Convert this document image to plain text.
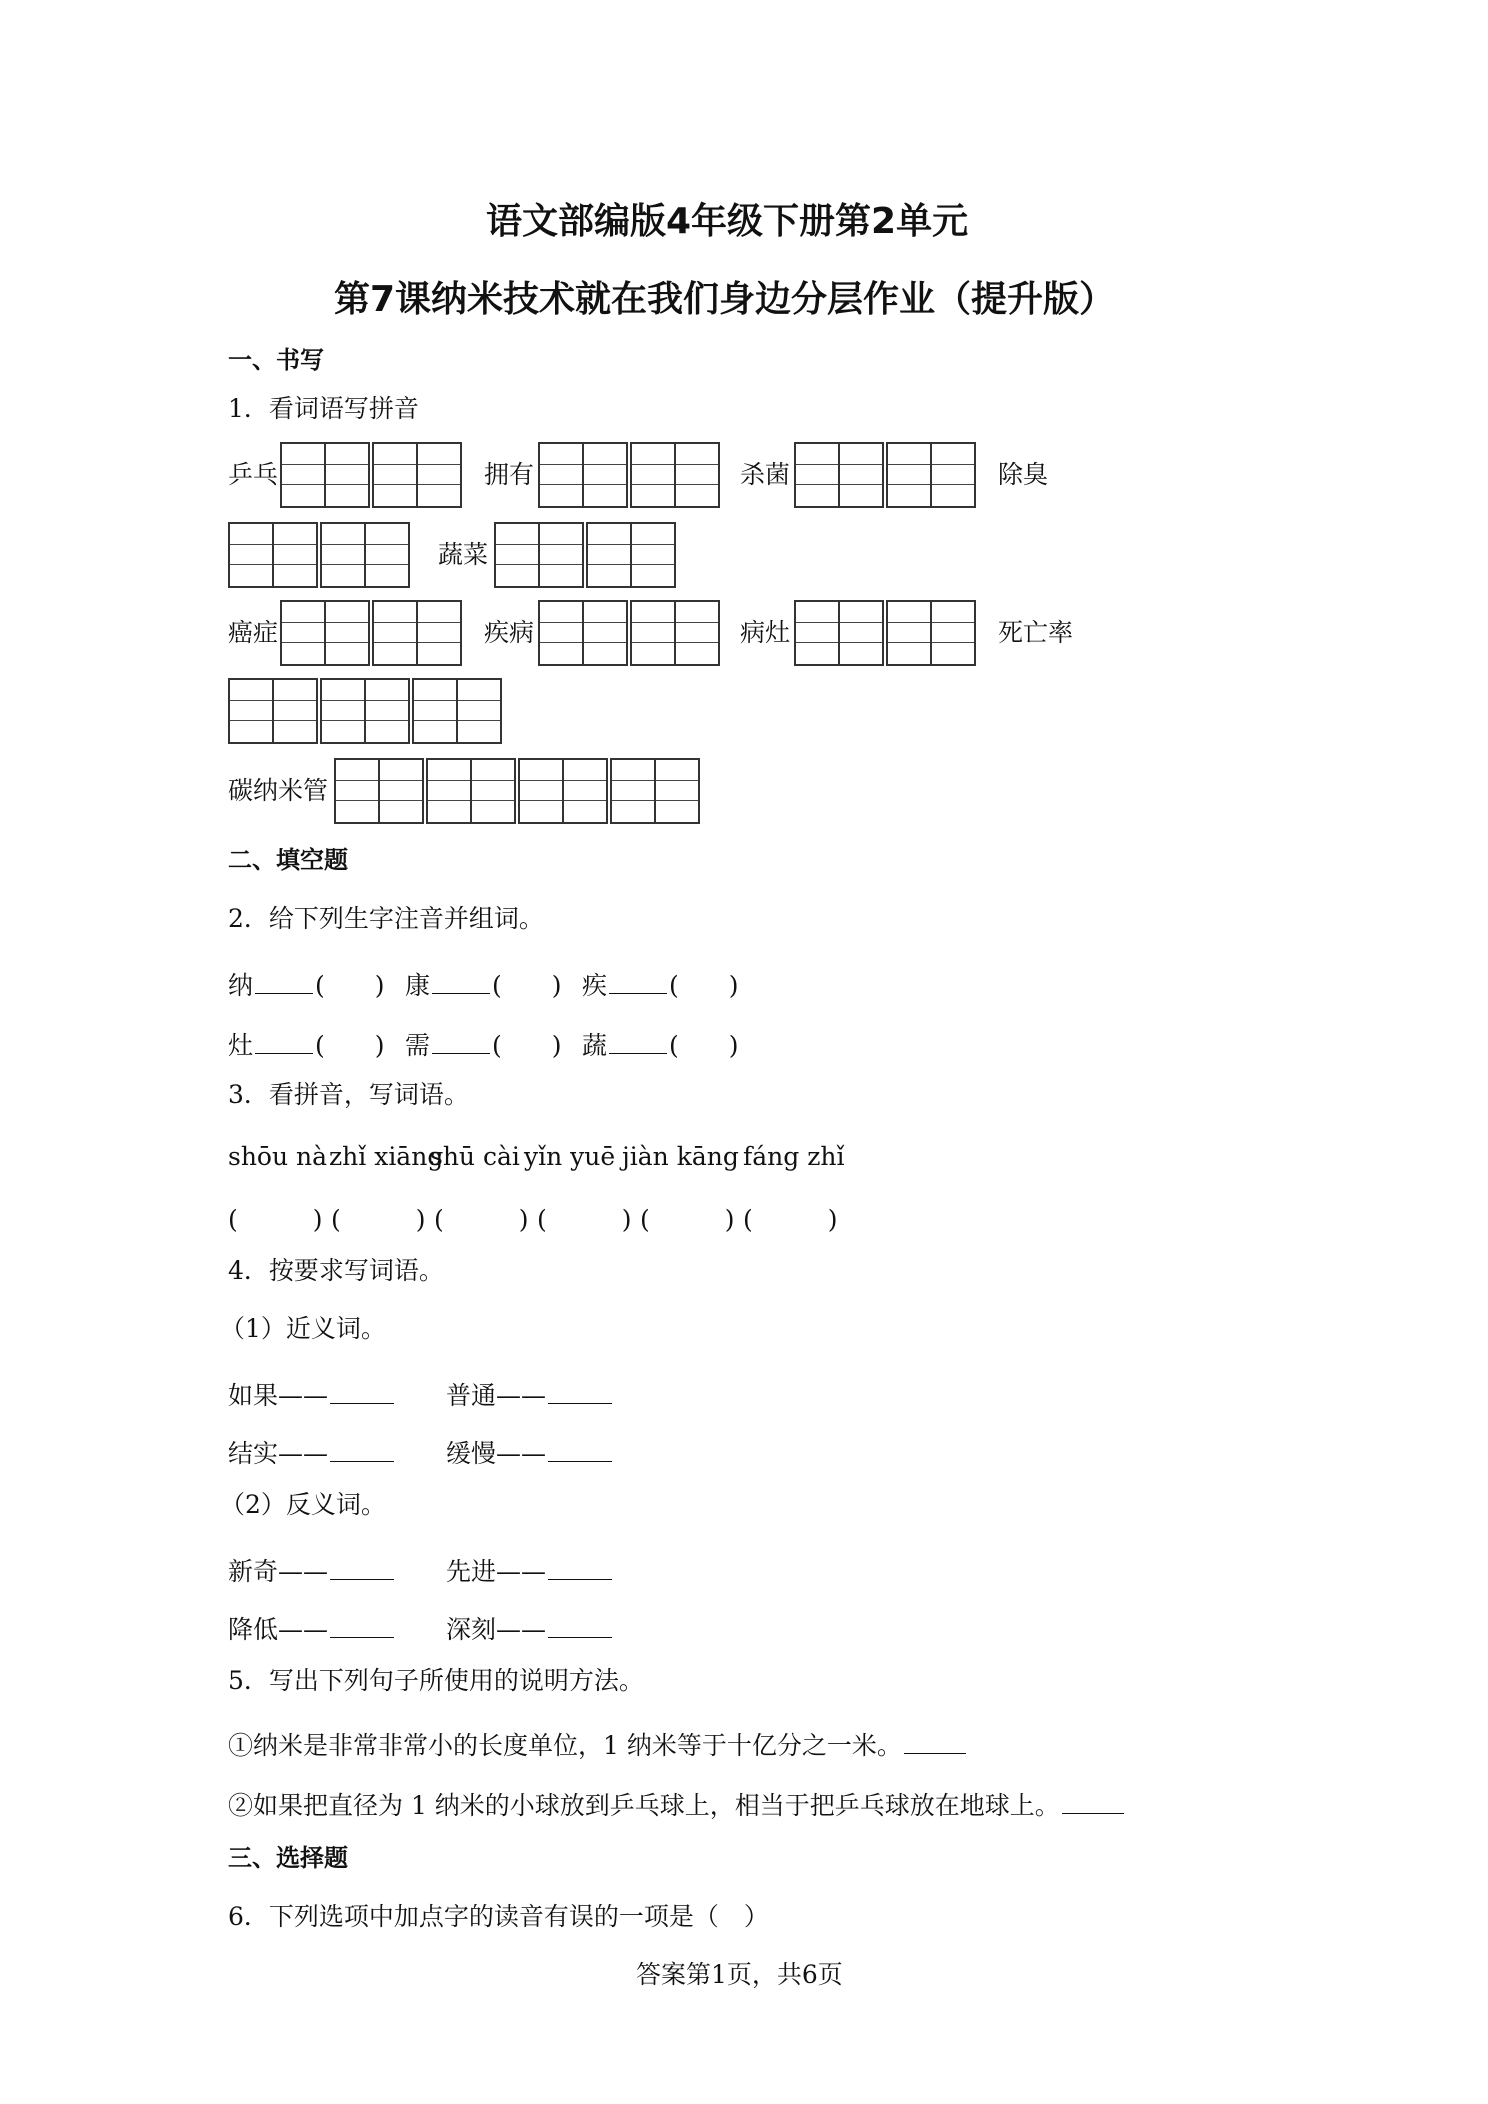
语文部编版4年级下册第2单元
第7课纳米技术就在我们身边分层作业（提升版）
一、书写
1．看词语写拼音
乒乓	拥有	杀菌	除臭
蔬菜
癌症	疾病	病灶	死亡率
碳纳米管
二、填空题
2．给下列生字注音并组词。
纳 (　　) 康 (　　) 疾 (　　)
灶 (　　) 需 (　　) 蔬 (　　)
3．看拼音，写词语。
shōu nà zhǐ xiāng
shū cài yǐn yuē jiàn kāng fáng zhǐ
(　　　) (　　　) (　　　) (　　　) (　　　) (　　　)
4．按要求写词语。
（1）近义词。
如果——	普通——
结实——	缓慢——
（2）反义词。
新奇——	先进——
降低——	深刻——
5．写出下列句子所使用的说明方法。
①纳米是非常非常小的长度单位，1 纳米等于十亿分之一米。
②如果把直径为 1 纳米的小球放到乒乓球上，相当于把乒乓球放在地球上。
三、选择题
6．下列选项中加点字的读音有误的一项是（　）
答案第1页，共6页
